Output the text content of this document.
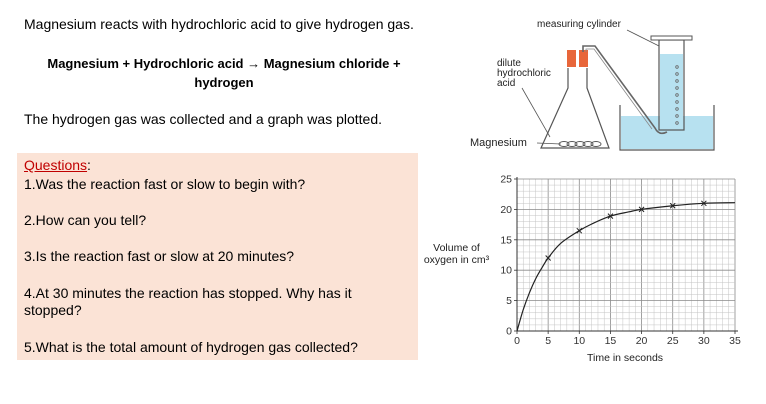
Magnesium reacts with hydrochloric acid to give hydrogen gas.
Magnesium + Hydrochloric acid → Magnesium chloride +
hydrogen
The hydrogen gas was collected and a graph was plotted.
Questions:
1.Was the reaction fast or slow to begin with?
2.How can you tell?
3.Is the reaction fast or slow at 20 minutes?
4.At 30 minutes the reaction has stopped. Why has it stopped?
5.What is the total amount of hydrogen gas collected?
measuring cylinder
dilute
hydrochloric
acid
Magnesium
Volume of
oxygen in cm³
0 5 10 15 20 25 30 35
0
5
10
15
20
25
Time in seconds
